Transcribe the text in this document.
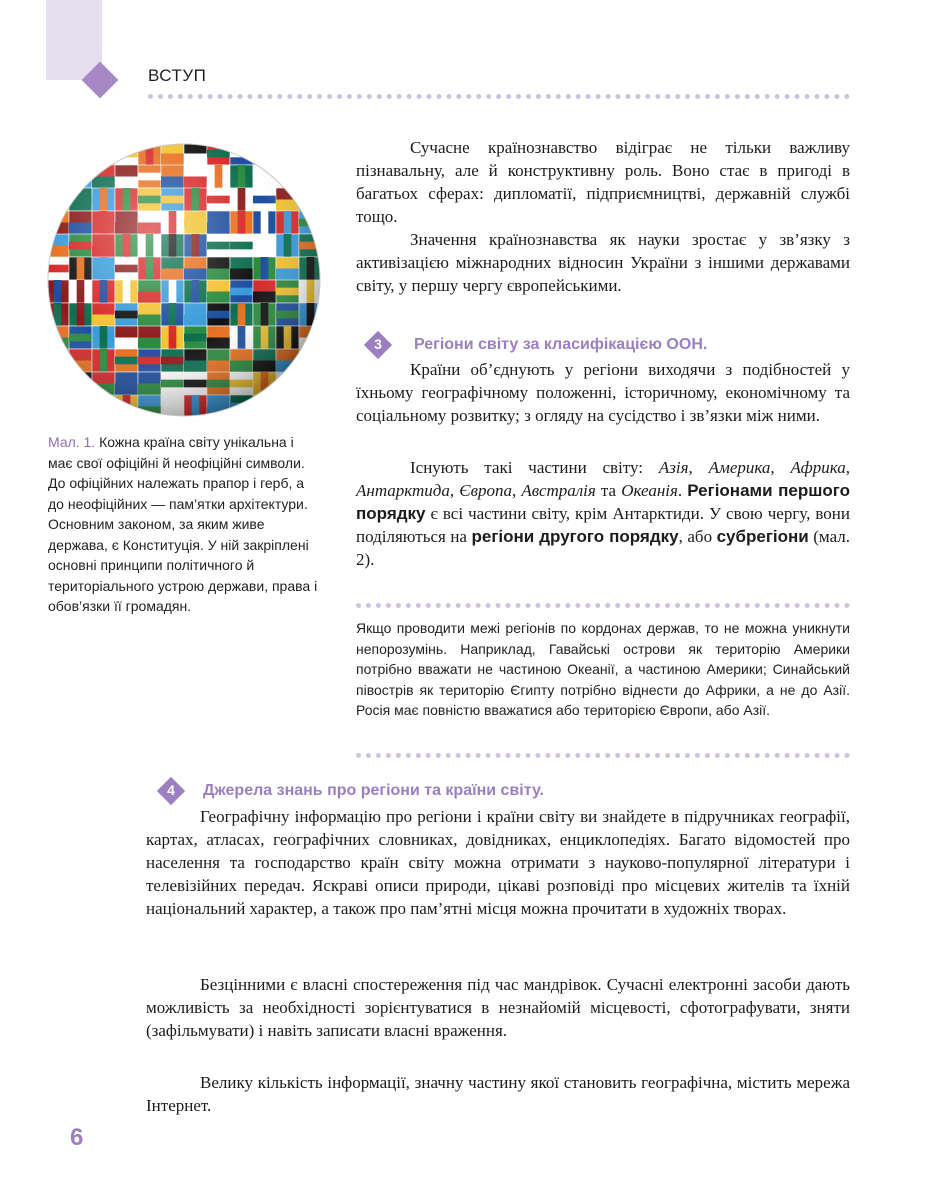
ВСТУП
Мал. 1. Кожна країна світу унікальна і має свої офіційні й неофіційні символи. До офіційних належать прапор і герб, а до неофіційних — пам’ятки архітектури. Основним законом, за яким живе держава, є Конституція. У ній закріплені основні принципи політичного й територіального устрою держави, права і обов’язки її громадян.

Сучасне країнознавство відіграє не тільки важливу пізнавальну, але й конструктивну роль. Воно стає в пригоді в багатьох сферах: дипломатії, підприємництві, державній службі тощо.

Значення країнознавства як науки зростає у зв’язку з активізацією міжнародних відносин України з іншими державами світу, у першу чергу європейськими.

3	Регіони світу за класифікацією ООН.

Країни об’єднують у регіони виходячи з подібностей у їхньому географічному положенні, історичному, економічному та соціальному розвитку; з огляду на сусідство і зв’язки між ними.

Існують такі частини світу: Азія, Америка, Африка, Антарктида, Європа, Австралія та Океанія. Регіонами першого порядку є всі частини світу, крім Антарктиди. У свою чергу, вони поділяються на регіони другого порядку, або субрегіони (мал. 2).

Якщо проводити межі регіонів по кордонах держав, то не можна уникнути непорозумінь. Наприклад, Гавайські острови як територію Америки потрібно вважати не частиною Океанії, а частиною Америки; Синайський півострів як територію Єгипту потрібно віднести до Африки, а не до Азії. Росія має повністю вважатися або територією Європи, або Азії.

4	Джерела знань про регіони та країни світу.

Географічну інформацію про регіони і країни світу ви знайдете в підручниках географії, картах, атласах, географічних словниках, довідниках, енциклопедіях. Багато відомостей про населення та господарство країн світу можна отримати з науково-популярної літератури і телевізійних передач. Яскраві описи природи, цікаві розповіді про місцевих жителів та їхній національний характер, а також про пам’ятні місця можна прочитати в художніх творах.

Безцінними є власні спостереження під час мандрівок. Сучасні електронні засоби дають можливість за необхідності зорієнтуватися в незнайомій місцевості, сфотографувати, зняти (зафільмувати) і навіть записати власні враження.

Велику кількість інформації, значну частину якої становить географічна, містить мережа Інтернет.

6
